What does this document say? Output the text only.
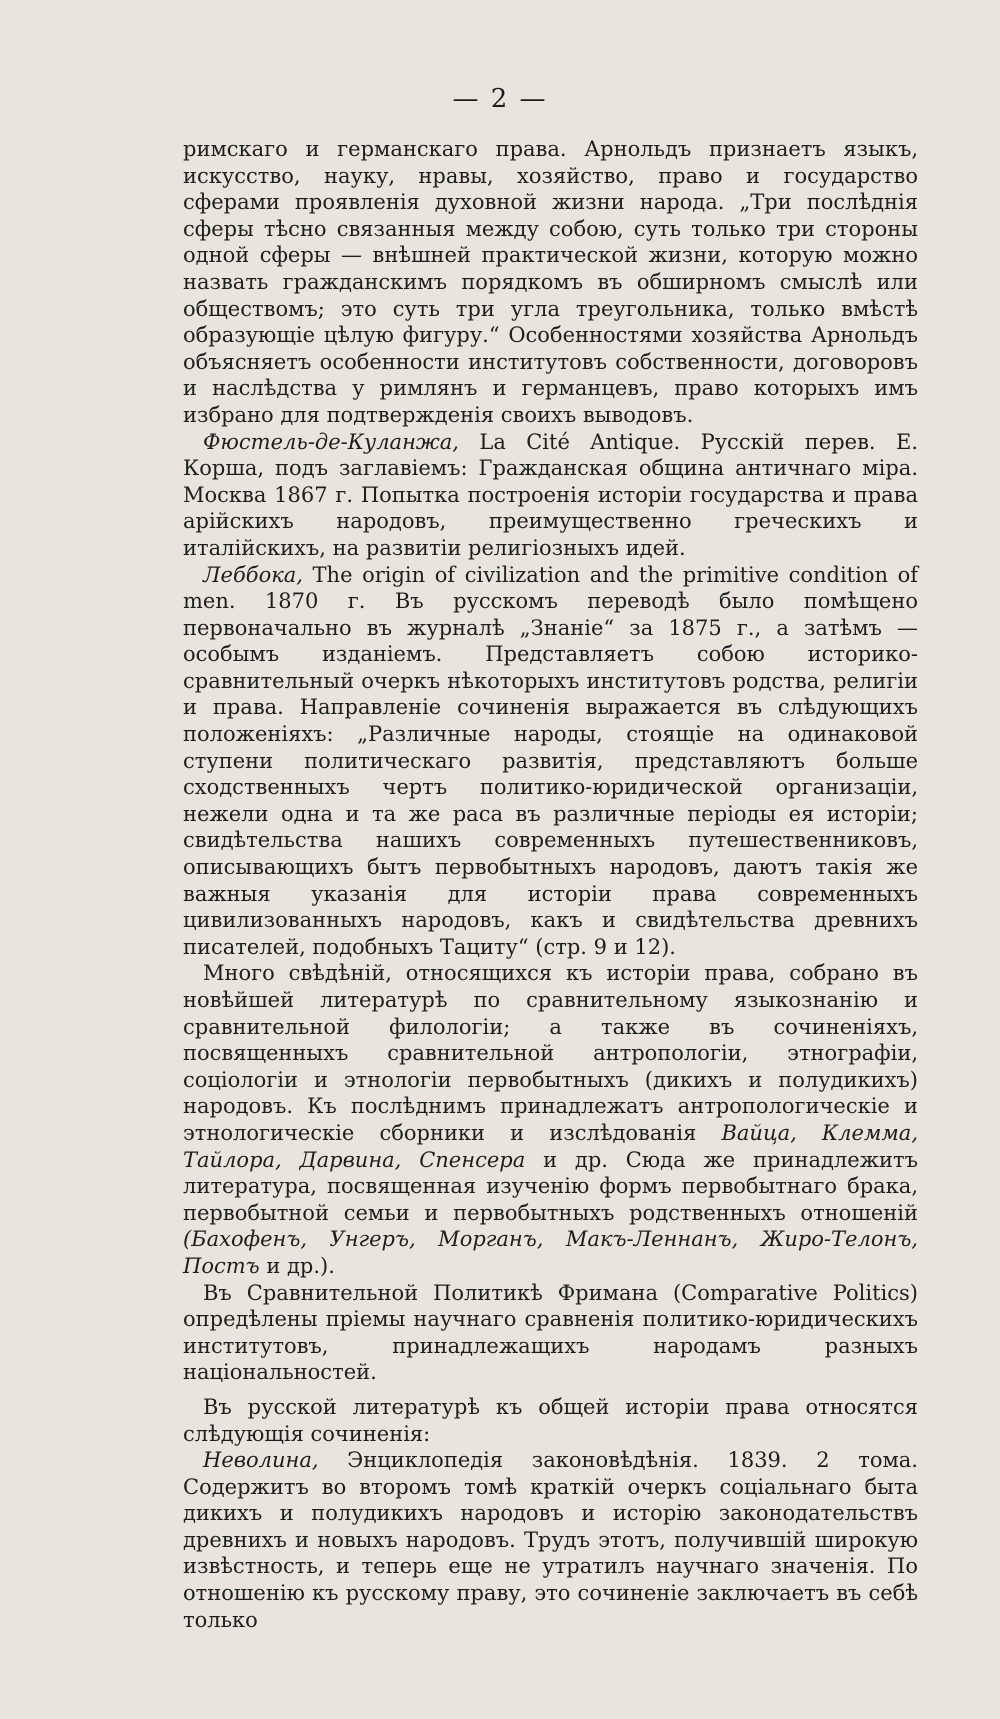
— 2 —

римскаго и германскаго права. Арнольдъ признаетъ языкъ, искусство, науку, нравы, хозяйство, право и государство сферами проявленія духовной жизни народа. „Три послѣднія сферы тѣсно связанныя между собою, суть только три стороны одной сферы — внѣшней практической жизни, которую можно назвать гражданскимъ порядкомъ въ обширномъ смыслѣ или обществомъ; это суть три угла треугольника, только вмѣстѣ образующіе цѣлую фигуру.“ Особенностями хозяйства Арнольдъ объясняетъ особенности институтовъ собственности, договоровъ и наслѣдства у римлянъ и германцевъ, право которыхъ имъ избрано для подтвержденія своихъ выводовъ.

Фюстель-де-Куланжа, La Cité Antique. Русскій перев. Е. Корша, подъ заглавіемъ: Гражданская община античнаго міра. Москва 1867 г. Попытка построенія исторіи государства и права арійскихъ народовъ, преимущественно греческихъ и италійскихъ, на развитіи религіозныхъ идей.

Леббока, The origin of civilization and the primitive condition of men. 1870 г. Въ русскомъ переводѣ было помѣщено первоначально въ журналѣ „Знаніе“ за 1875 г., а затѣмъ — особымъ изданіемъ. Представляетъ собою историко-сравнительный очеркъ нѣкоторыхъ институтовъ родства, религіи и права. Направленіе сочиненія выражается въ слѣдующихъ положеніяхъ: „Различные народы, стоящіе на одинаковой ступени политическаго развитія, представляютъ больше сходственныхъ чертъ политико-юридической организаціи, нежели одна и та же раса въ различные періоды ея исторіи; свидѣтельства нашихъ современныхъ путешественниковъ, описывающихъ бытъ первобытныхъ народовъ, даютъ такія же важныя указанія для исторіи права современныхъ цивилизованныхъ народовъ, какъ и свидѣтельства древнихъ писателей, подобныхъ Тациту“ (стр. 9 и 12).

Много свѣдѣній, относящихся къ исторіи права, собрано въ новѣйшей литературѣ по сравнительному языкознанію и сравнительной филологіи; а также въ сочиненіяхъ, посвященныхъ сравнительной антропологіи, этнографіи, соціологіи и этнологіи первобытныхъ (дикихъ и полудикихъ) народовъ. Къ послѣднимъ принадлежатъ антропологическіе и этнологическіе сборники и изслѣдованія Вайца, Клемма, Тайлора, Дарвина, Спенсера и др. Сюда же принадлежитъ литература, посвященная изученію формъ первобытнаго брака, первобытной семьи и первобытныхъ родственныхъ отношеній (Бахофенъ, Унгеръ, Морганъ, Макъ-Леннанъ, Жиро-Телонъ, Постъ и др.).

Въ Сравнительной Политикѣ Фримана (Comparative Politics) опредѣлены пріемы научнаго сравненія политико-юридическихъ институтовъ, принадлежащихъ народамъ разныхъ національностей.

Въ русской литературѣ къ общей исторіи права относятся слѣдующія сочиненія:

Неволина, Энциклопедія законовѣдѣнія. 1839. 2 тома. Содержитъ во второмъ томѣ краткій очеркъ соціальнаго быта дикихъ и полудикихъ народовъ и исторію законодательствъ древнихъ и новыхъ народовъ. Трудъ этотъ, получившій широкую извѣстность, и теперь еще не утратилъ научнаго значенія. По отношенію къ русскому праву, это сочиненіе заключаетъ въ себѣ только
